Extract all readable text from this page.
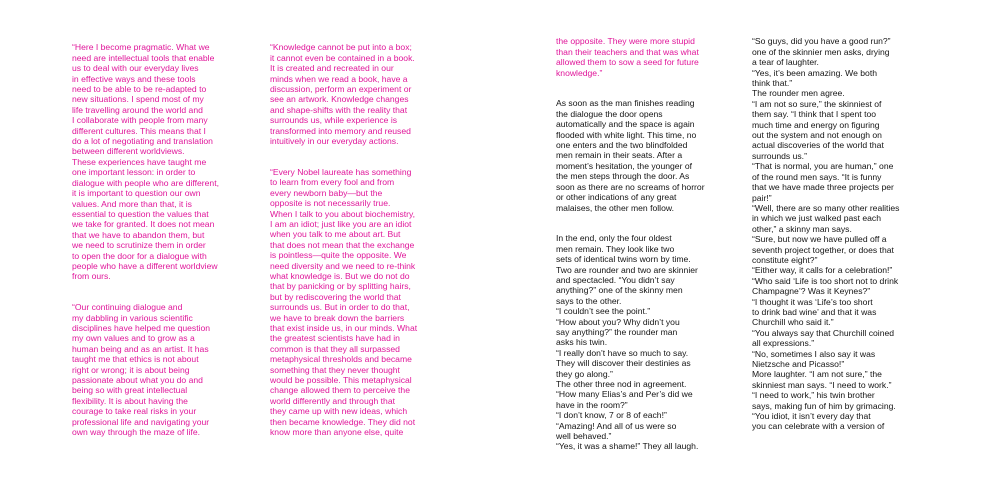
“Here I become pragmatic. What we
need are intellectual tools that enable
us to deal with our everyday lives
in effective ways and these tools
need to be able to be re-adapted to
new situations. I spend most of my
life travelling around the world and
I collaborate with people from many
different cultures. This means that I
do a lot of negotiating and translation
between different worldviews.
These experiences have taught me
one important lesson: in order to
dialogue with people who are different,
it is important to question our own
values. And more than that, it is
essential to question the values that
we take for granted. It does not mean
that we have to abandon them, but
we need to scrutinize them in order
to open the door for a dialogue with
people who have a different worldview
from ours.

“Our continuing dialogue and
my dabbling in various scientific
disciplines have helped me question
my own values and to grow as a
human being and as an artist. It has
taught me that ethics is not about
right or wrong; it is about being
passionate about what you do and
being so with great intellectual
flexibility. It is about having the
courage to take real risks in your
professional life and navigating your
own way through the maze of life.

“Knowledge cannot be put into a box;
it cannot even be contained in a book.
It is created and recreated in our
minds when we read a book, have a
discussion, perform an experiment or
see an artwork. Knowledge changes
and shape-shifts with the reality that
surrounds us, while experience is
transformed into memory and reused
intuitively in our everyday actions.

“Every Nobel laureate has something
to learn from every fool and from
every newborn baby—but the
opposite is not necessarily true.
When I talk to you about biochemistry,
I am an idiot; just like you are an idiot
when you talk to me about art. But
that does not mean that the exchange
is pointless—quite the opposite. We
need diversity and we need to re-think
what knowledge is. But we do not do
that by panicking or by splitting hairs,
but by rediscovering the world that
surrounds us. But in order to do that,
we have to break down the barriers
that exist inside us, in our minds. What
the greatest scientists have had in
common is that they all surpassed
metaphysical thresholds and became
something that they never thought
would be possible. This metaphysical
change allowed them to perceive the
world differently and through that
they came up with new ideas, which
then became knowledge. They did not
know more than anyone else, quite

the opposite. They were more stupid
than their teachers and that was what
allowed them to sow a seed for future
knowledge.”

As soon as the man finishes reading
the dialogue the door opens
automatically and the space is again
flooded with white light. This time, no
one enters and the two blindfolded
men remain in their seats. After a
moment’s hesitation, the younger of
the men steps through the door. As
soon as there are no screams of horror
or other indications of any great
malaises, the other men follow.

In the end, only the four oldest
men remain. They look like two
sets of identical twins worn by time.
Two are rounder and two are skinnier
and spectacled. “You didn’t say
anything?” one of the skinny men
says to the other.
“I couldn’t see the point.”
“How about you? Why didn’t you
say anything?” the rounder man
asks his twin.
“I really don’t have so much to say.
They will discover their destinies as
they go along.”
The other three nod in agreement.
“How many Elias’s and Per’s did we
have in the room?”
“I don’t know, 7 or 8 of each!”
“Amazing! And all of us were so
well behaved.”
“Yes, it was a shame!” They all laugh.

“So guys, did you have a good run?”
one of the skinnier men asks, drying
a tear of laughter.
“Yes, it’s been amazing. We both
think that.”
The rounder men agree.
“I am not so sure,” the skinniest of
them say. “I think that I spent too
much time and energy on figuring
out the system and not enough on
actual discoveries of the world that
surrounds us.”
“That is normal, you are human,” one
of the round men says. “It is funny
that we have made three projects per
pair!”
“Well, there are so many other realities
in which we just walked past each
other,” a skinny man says.
“Sure, but now we have pulled off a
seventh project together, or does that
constitute eight?”
“Either way, it calls for a celebration!”
“Who said ‘Life is too short not to drink
Champagne’? Was it Keynes?”
“I thought it was ‘Life’s too short
to drink bad wine’ and that it was
Churchill who said it.”
“You always say that Churchill coined
all expressions.”
“No, sometimes I also say it was
Nietzsche and Picasso!”
More laughter. “I am not sure,” the
skinniest man says. “I need to work.”
“I need to work,” his twin brother
says, making fun of him by grimacing.
“You idiot, it isn’t every day that
you can celebrate with a version of
